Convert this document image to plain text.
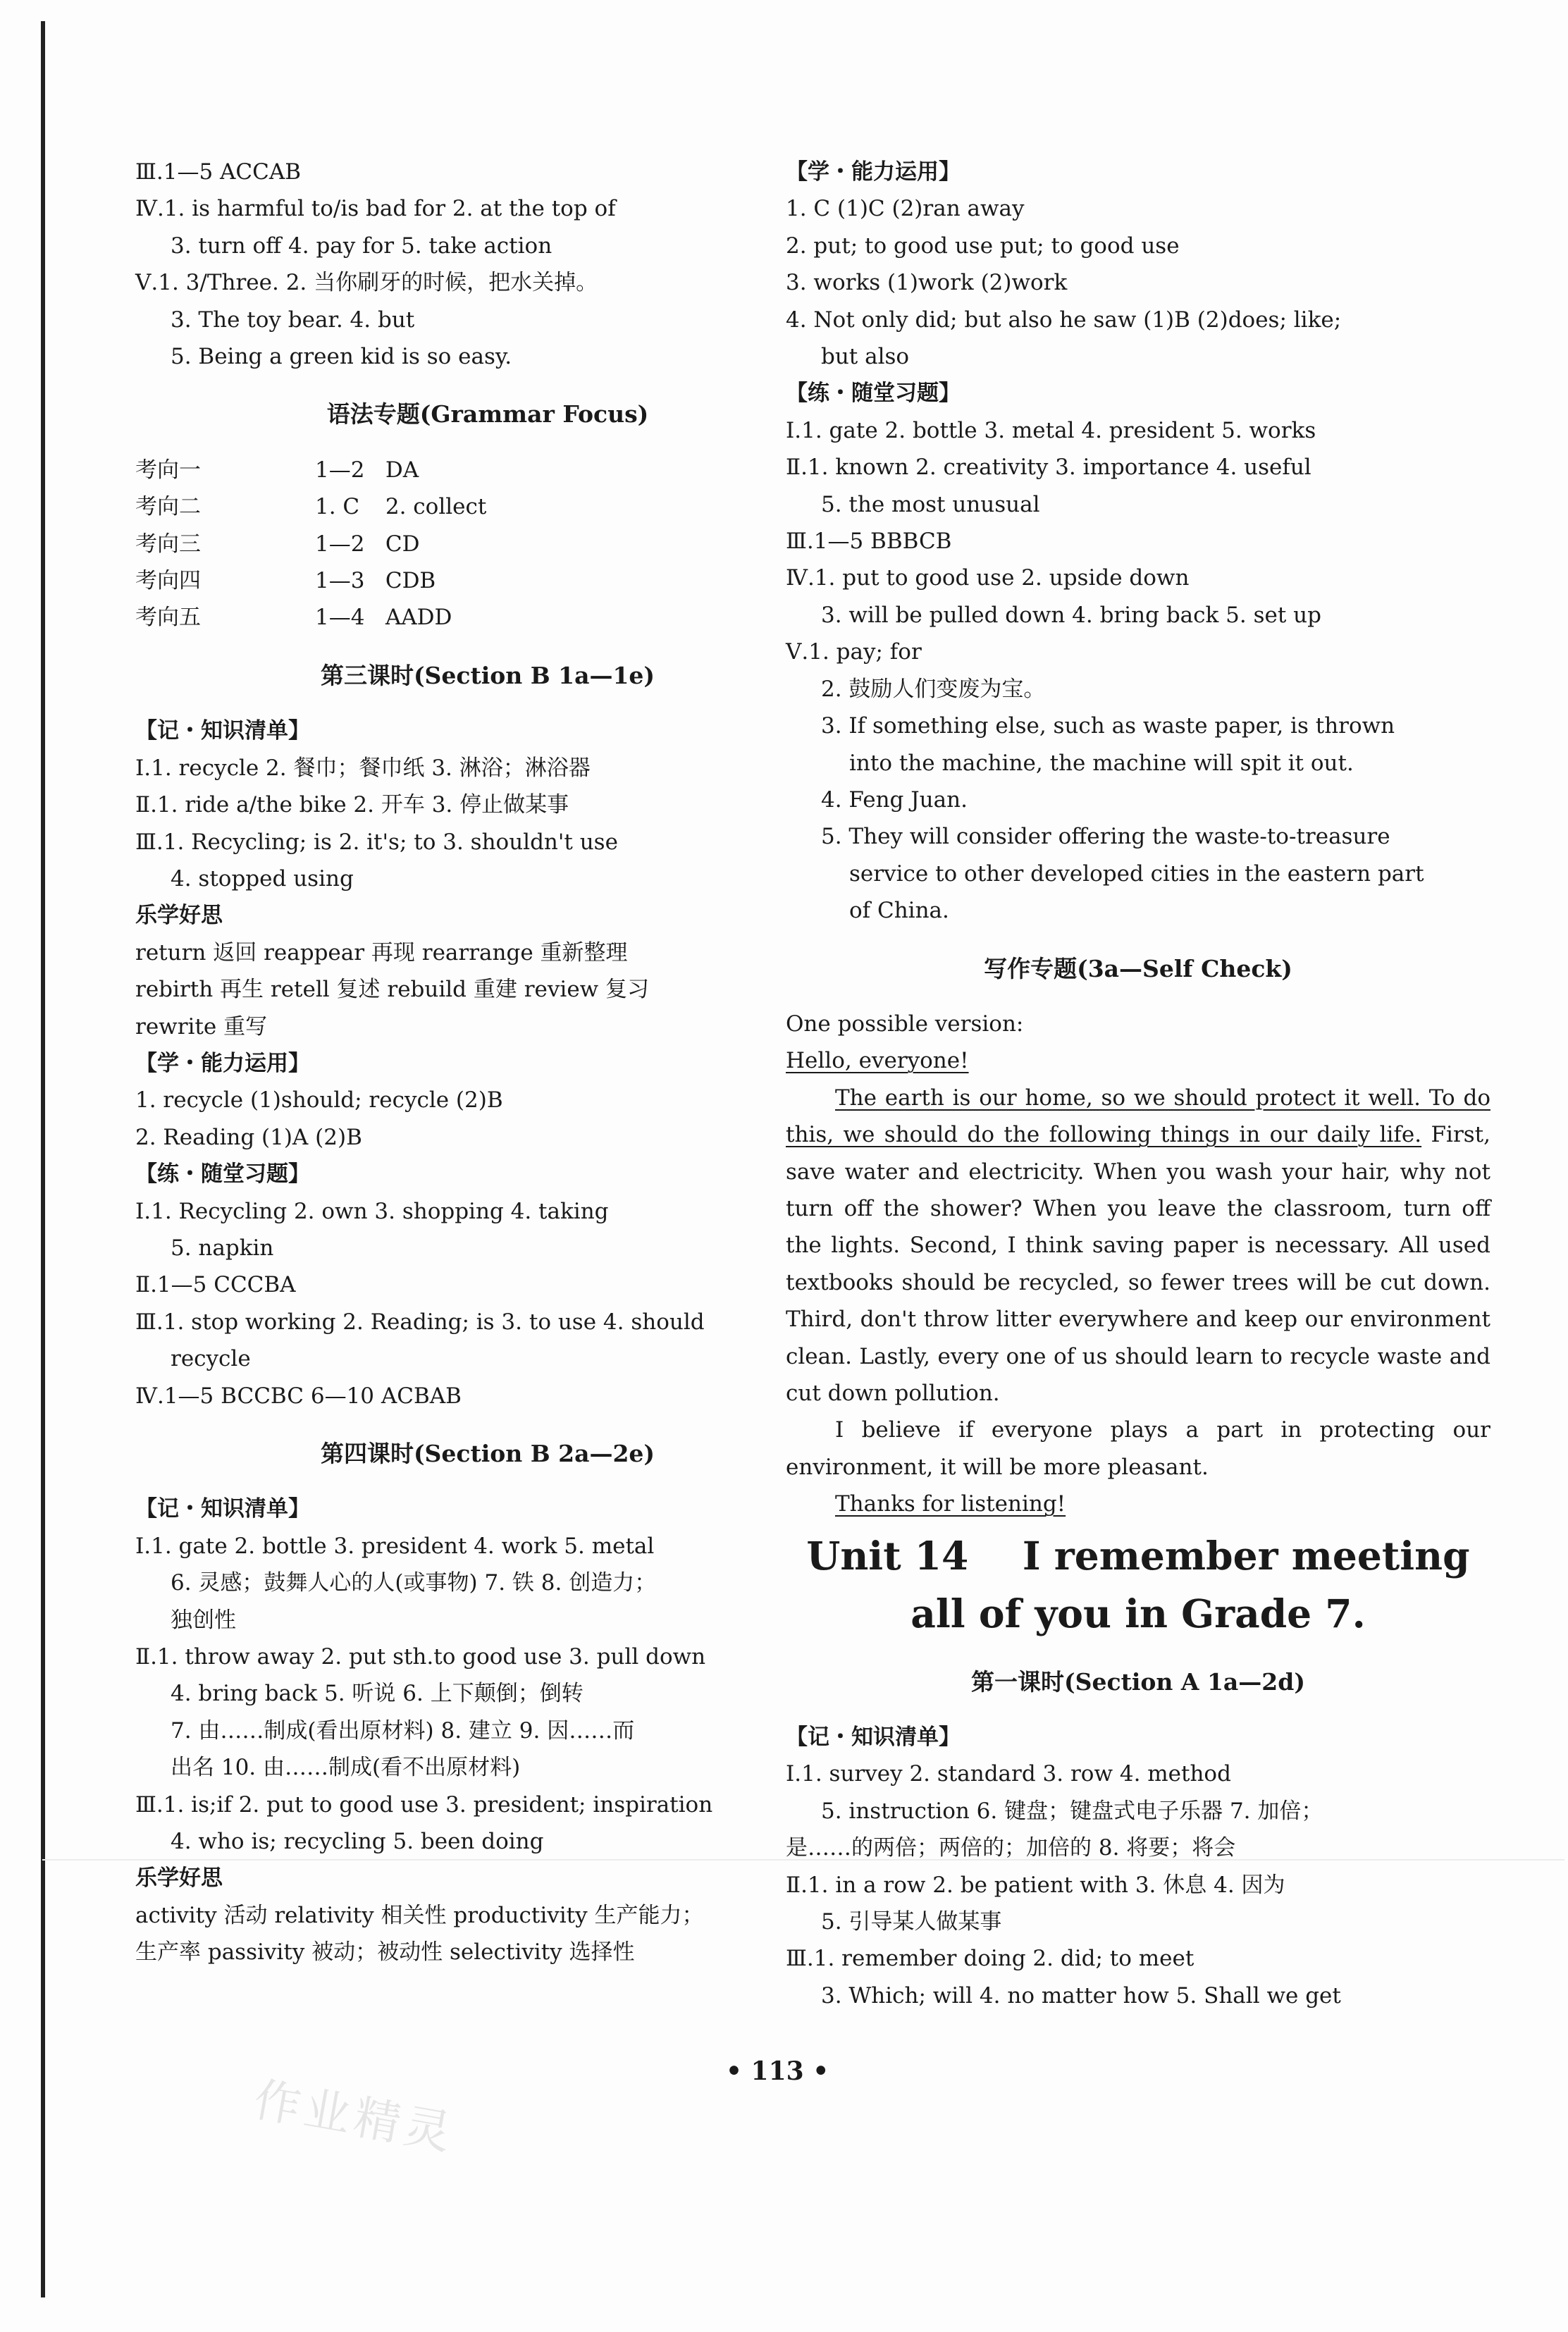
Ⅲ.1—5 ACCAB
Ⅳ.1. is harmful to/is bad for 2. at the top of
3. turn off 4. pay for 5. take action
Ⅴ.1. 3/Three. 2. 当你刷牙的时候，把水关掉。
3. The toy bear. 4. but
5. Being a green kid is so easy.
语法专题(Grammar Focus)
考向一	1—2 DA
考向二	1. C 2. collect
考向三	1—2 CD
考向四	1—3 CDB
考向五	1—4 AADD
第三课时(Section B 1a—1e)
【记・知识清单】
Ⅰ.1. recycle 2. 餐巾；餐巾纸 3. 淋浴；淋浴器
Ⅱ.1. ride a/the bike 2. 开车 3. 停止做某事
Ⅲ.1. Recycling; is 2. it's; to 3. shouldn't use
4. stopped using
乐学好思
return 返回 reappear 再现 rearrange 重新整理
rebirth 再生 retell 复述 rebuild 重建 review 复习
rewrite 重写
【学・能力运用】
1. recycle (1)should; recycle (2)B
2. Reading (1)A (2)B
【练・随堂习题】
Ⅰ.1. Recycling 2. own 3. shopping 4. taking
5. napkin
Ⅱ.1—5 CCCBA
Ⅲ.1. stop working 2. Reading; is 3. to use 4. should
recycle
Ⅳ.1—5 BCCBC 6—10 ACBAB
第四课时(Section B 2a—2e)
【记・知识清单】
Ⅰ.1. gate 2. bottle 3. president 4. work 5. metal
6. 灵感；鼓舞人心的人(或事物) 7. 铁 8. 创造力；
独创性
Ⅱ.1. throw away 2. put sth.to good use 3. pull down
4. bring back 5. 听说 6. 上下颠倒；倒转
7. 由……制成(看出原材料) 8. 建立 9. 因……而
出名 10. 由……制成(看不出原材料)
Ⅲ.1. is;if 2. put to good use 3. president; inspiration
4. who is; recycling 5. been doing
乐学好思
activity 活动 relativity 相关性 productivity 生产能力；
生产率 passivity 被动；被动性 selectivity 选择性
【学・能力运用】
1. C (1)C (2)ran away
2. put; to good use put; to good use
3. works (1)work (2)work
4. Not only did; but also he saw (1)B (2)does; like;
but also
【练・随堂习题】
Ⅰ.1. gate 2. bottle 3. metal 4. president 5. works
Ⅱ.1. known 2. creativity 3. importance 4. useful
5. the most unusual
Ⅲ.1—5 BBBCB
Ⅳ.1. put to good use 2. upside down
3. will be pulled down 4. bring back 5. set up
Ⅴ.1. pay; for
2. 鼓励人们变废为宝。
3. If something else, such as waste paper, is thrown
into the machine, the machine will spit it out.
4. Feng Juan.
5. They will consider offering the waste-to-treasure
service to other developed cities in the eastern part
of China.
写作专题(3a—Self Check)
One possible version:
Hello, everyone!
The earth is our home, so we should protect it well. To do this, we should do the following things in our daily life. First, save water and electricity. When you wash your hair, why not turn off the shower? When you leave the classroom, turn off the lights. Second, I think saving paper is necessary. All used textbooks should be recycled, so fewer trees will be cut down. Third, don't throw litter everywhere and keep our environment clean. Lastly, every one of us should learn to recycle waste and cut down pollution.
I believe if everyone plays a part in protecting our environment, it will be more pleasant.
Thanks for listening!
Unit 14    I remember meeting
all of you in Grade 7.
第一课时(Section A 1a—2d)
【记・知识清单】
Ⅰ.1. survey 2. standard 3. row 4. method
5. instruction 6. 键盘；键盘式电子乐器 7. 加倍；
是……的两倍；两倍的；加倍的 8. 将要；将会
Ⅱ.1. in a row 2. be patient with 3. 休息 4. 因为
5. 引导某人做某事
Ⅲ.1. remember doing 2. did; to meet
3. Which; will 4. no matter how 5. Shall we get
• 113 •
作业精灵
